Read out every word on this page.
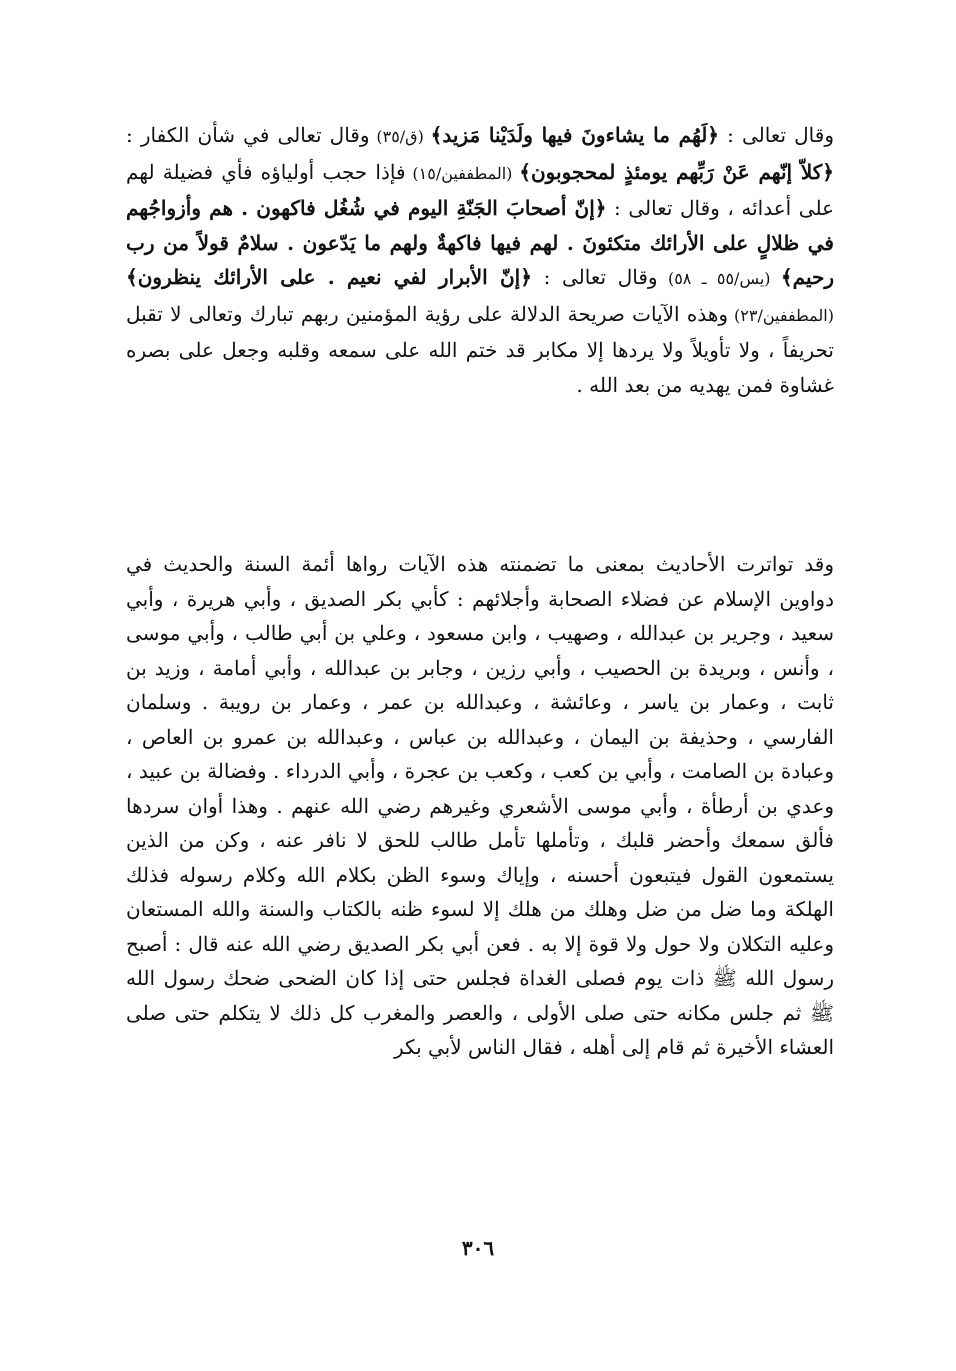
وقال تعالى : ﴿لَهُم ما يشاءونَ فيها ولَدَيْنا مَزيد﴾ (ق/٣٥) وقال تعالى في شأن الكفار : ﴿كلاّ إنّهم عَنْ رَبِّهم يومئذٍ لمحجوبون﴾ (المطففين/١٥) فإذا حجب أولياؤه فأي فضيلة لهم على أعدائه ، وقال تعالى : ﴿إنّ أصحابَ الجَنّةِ اليوم في شُغُل فاكهون . هم وأزواجُهم في ظلالٍ على الأرائك متكئونَ . لهم فيها فاكهةٌ ولهم ما يَدّعون . سلامٌ قولاً من رب رحيم﴾ (يس/٥٥ ـ ٥٨) وقال تعالى : ﴿إنّ الأبرار لفي نعيم . على الأرائك ينظرون﴾ (المطففين/٢٣) وهذه الآيات صريحة الدلالة على رؤية المؤمنين ربهم تبارك وتعالى لا تقبل تحريفاً ، ولا تأويلاً ولا يردها إلا مكابر قد ختم الله على سمعه وقلبه وجعل على بصره غشاوة فمن يهديه من بعد الله .
وقد تواترت الأحاديث بمعنى ما تضمنته هذه الآيات رواها أئمة السنة والحديث في دواوين الإسلام عن فضلاء الصحابة وأجلائهم : كأبي بكر الصديق ، وأبي هريرة ، وأبي سعيد ، وجرير بن عبدالله ، وصهيب ، وابن مسعود ، وعلي بن أبي طالب ، وأبي موسى ، وأنس ، وبريدة بن الحصيب ، وأبي رزين ، وجابر بن عبدالله ، وأبي أمامة ، وزيد بن ثابت ، وعمار بن ياسر ، وعائشة ، وعبدالله بن عمر ، وعمار بن رويبة . وسلمان الفارسي ، وحذيفة بن اليمان ، وعبدالله بن عباس ، وعبدالله بن عمرو بن العاص ، وعبادة بن الصامت ، وأبي بن كعب ، وكعب بن عجرة ، وأبي الدرداء . وفضالة بن عبيد ، وعدي بن أرطأة ، وأبي موسى الأشعري وغيرهم رضي الله عنهم . وهذا أوان سردها فألق سمعك وأحضر قلبك ، وتأملها تأمل طالب للحق لا نافر عنه ، وكن من الذين يستمعون القول فيتبعون أحسنه ، وإياك وسوء الظن بكلام الله وكلام رسوله فذلك الهلكة وما ضل من ضل وهلك من هلك إلا لسوء ظنه بالكتاب والسنة والله المستعان وعليه التكلان ولا حول ولا قوة إلا به . فعن أبي بكر الصديق رضي الله عنه قال : أصبح رسول الله ﷺ ذات يوم فصلى الغداة فجلس حتى إذا كان الضحى ضحك رسول الله ﷺ ثم جلس مكانه حتى صلى الأولى ، والعصر والمغرب كل ذلك لا يتكلم حتى صلى العشاء الأخيرة ثم قام إلى أهله ، فقال الناس لأبي بكر
٣٠٦
